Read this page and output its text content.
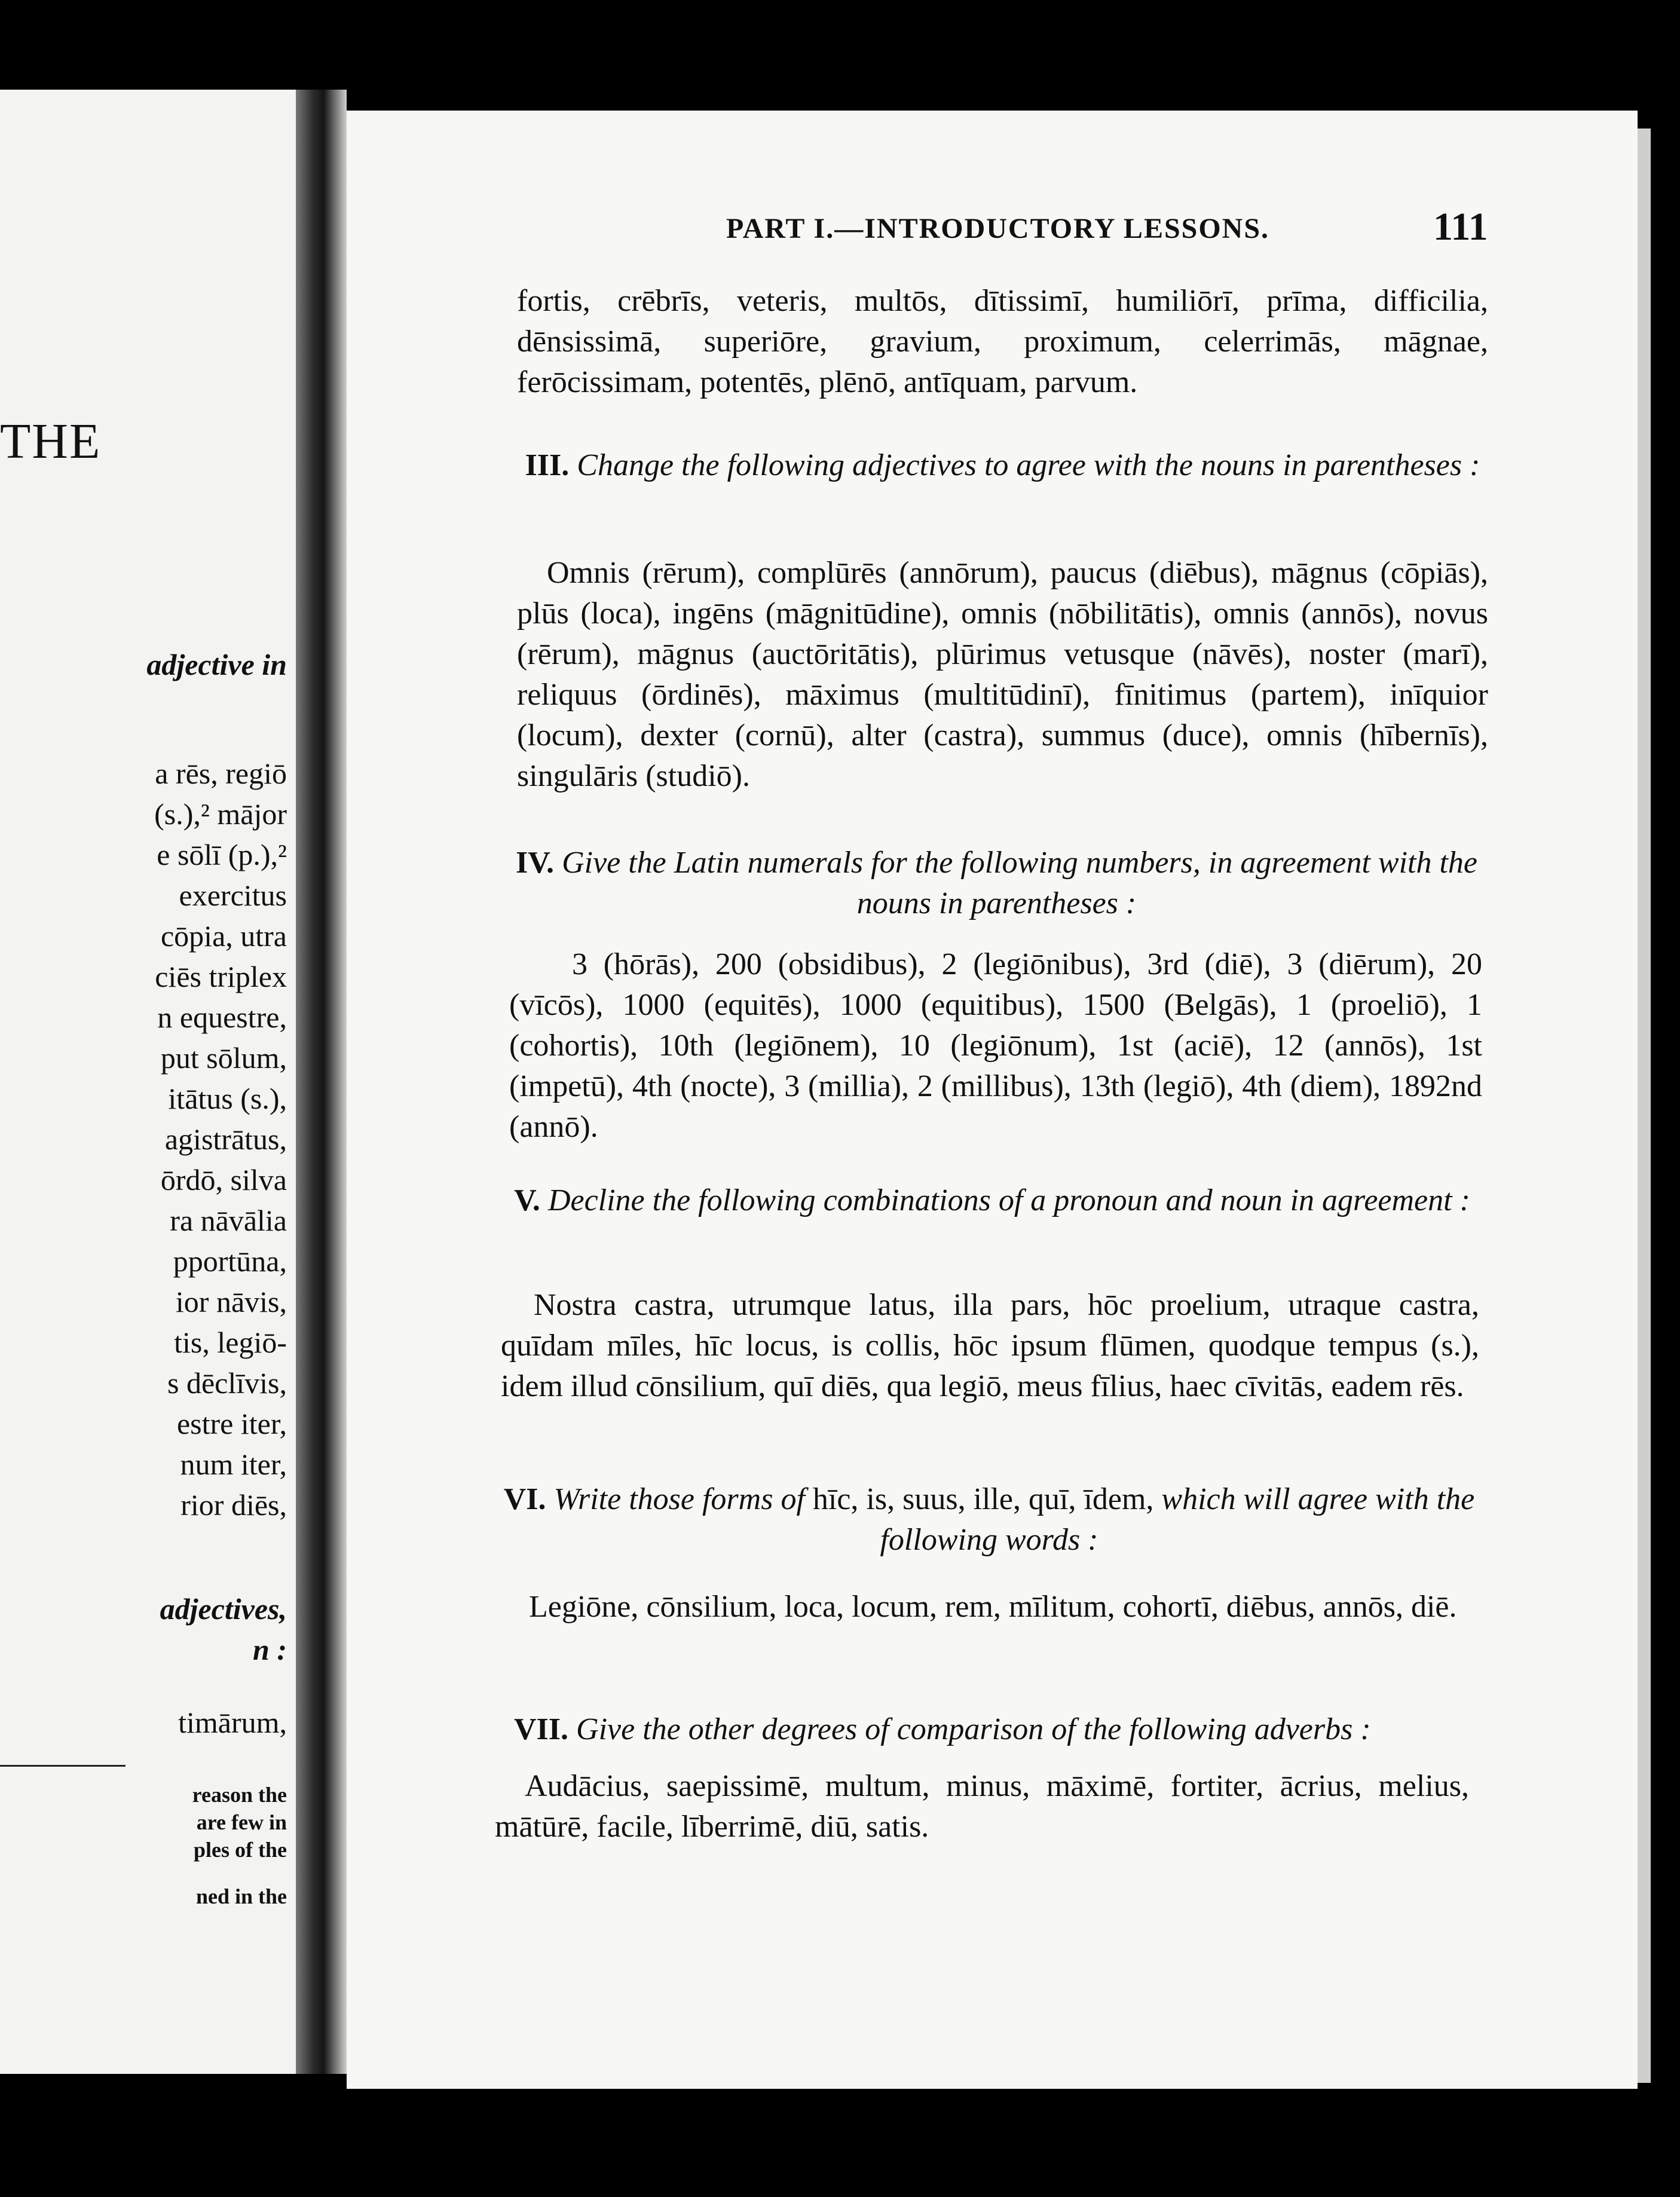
THE
adjective in
a rēs, regiō
(s.),² mājor
e sōlī (p.),²
exercitus
cōpia, utra
ciēs triplex
n equestre,
put sōlum,
itātus (s.),
agistrātus,
ōrdō, silva
ra nāvālia
pportūna,
ior nāvis,
tis, legiō-
s dēclīvis,
estre iter,
num iter,
rior diēs,
adjectives,
n :
timārum,
reason the
are few in
ples of the
ned in the
PART I.—INTRODUCTORY LESSONS.	111
fortis, crēbrīs, veteris, multōs, dītissimī, humiliōrī, prīma, difficilia, dēnsissimā, superiōre, gravium, proximum, celerrimās, māgnae, ferōcissimam, potentēs, plēnō, antīquam, parvum.
III. Change the following adjectives to agree with the nouns in parentheses :
Omnis (rērum), complūrēs (annōrum), paucus (diēbus), māgnus (cōpiās), plūs (loca), ingēns (māgnitūdine), omnis (nōbilitātis), omnis (annōs), novus (rērum), māgnus (auctōritātis), plūrimus vetusque (nāvēs), noster (marī), reliquus (ōrdinēs), māximus (multitūdinī), fīnitimus (partem), inīquior (locum), dexter (cornū), alter (castra), summus (duce), omnis (hībernīs), singulāris (studiō).
IV. Give the Latin numerals for the following numbers, in agreement with the nouns in parentheses :
3 (hōrās), 200 (obsidibus), 2 (legiōnibus), 3rd (diē), 3 (diērum), 20 (vīcōs), 1000 (equitēs), 1000 (equitibus), 1500 (Belgās), 1 (proeliō), 1 (cohortis), 10th (legiōnem), 10 (legiōnum), 1st (aciē), 12 (annōs), 1st (impetū), 4th (nocte), 3 (millia), 2 (millibus), 13th (legiō), 4th (diem), 1892nd (annō).
V. Decline the following combinations of a pronoun and noun in agreement :
Nostra castra, utrumque latus, illa pars, hōc proelium, utraque castra, quīdam mīles, hīc locus, is collis, hōc ipsum flūmen, quodque tempus (s.), idem illud cōnsilium, quī diēs, qua legiō, meus fīlius, haec cīvitās, eadem rēs.
VI. Write those forms of hīc, is, suus, ille, quī, īdem, which will agree with the following words :
Legiōne, cōnsilium, loca, locum, rem, mīlitum, cohortī, diēbus, annōs, diē.
VII. Give the other degrees of comparison of the following adverbs :
Audācius, saepissimē, multum, minus, māximē, fortiter, ācrius, melius, mātūrē, facile, līberrimē, diū, satis.
